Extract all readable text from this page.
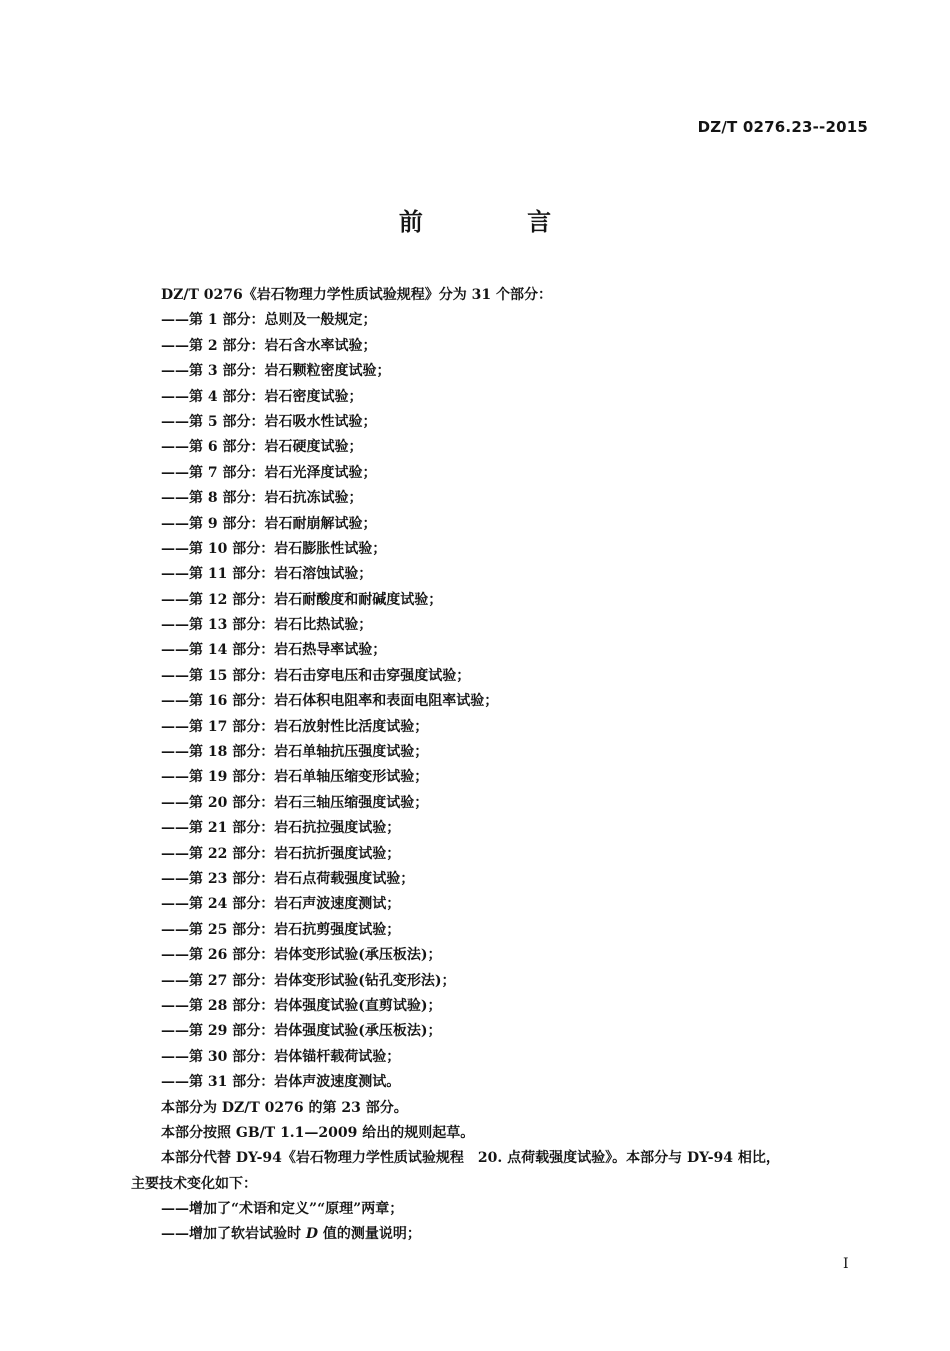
DZ/T 0276.23--2015
前 言
DZ/T 0276《岩石物理力学性质试验规程》分为 31 个部分：
——第 1 部分：总则及一般规定；
——第 2 部分：岩石含水率试验；
——第 3 部分：岩石颗粒密度试验；
——第 4 部分：岩石密度试验；
——第 5 部分：岩石吸水性试验；
——第 6 部分：岩石硬度试验；
——第 7 部分：岩石光泽度试验；
——第 8 部分：岩石抗冻试验；
——第 9 部分：岩石耐崩解试验；
——第 10 部分：岩石膨胀性试验；
——第 11 部分：岩石溶蚀试验；
——第 12 部分：岩石耐酸度和耐碱度试验；
——第 13 部分：岩石比热试验；
——第 14 部分：岩石热导率试验；
——第 15 部分：岩石击穿电压和击穿强度试验；
——第 16 部分：岩石体积电阻率和表面电阻率试验；
——第 17 部分：岩石放射性比活度试验；
——第 18 部分：岩石单轴抗压强度试验；
——第 19 部分：岩石单轴压缩变形试验；
——第 20 部分：岩石三轴压缩强度试验；
——第 21 部分：岩石抗拉强度试验；
——第 22 部分：岩石抗折强度试验；
——第 23 部分：岩石点荷载强度试验；
——第 24 部分：岩石声波速度测试；
——第 25 部分：岩石抗剪强度试验；
——第 26 部分：岩体变形试验(承压板法)；
——第 27 部分：岩体变形试验(钻孔变形法)；
——第 28 部分：岩体强度试验(直剪试验)；
——第 29 部分：岩体强度试验(承压板法)；
——第 30 部分：岩体锚杆载荷试验；
——第 31 部分：岩体声波速度测试。
本部分为 DZ/T 0276 的第 23 部分。
本部分按照 GB/T 1.1—2009 给出的规则起草。
本部分代替 DY-94《岩石物理力学性质试验规程　20. 点荷载强度试验》。本部分与 DY-94 相比，
主要技术变化如下：
——增加了“术语和定义”“原理”两章；
——增加了软岩试验时 D 值的测量说明；
I
